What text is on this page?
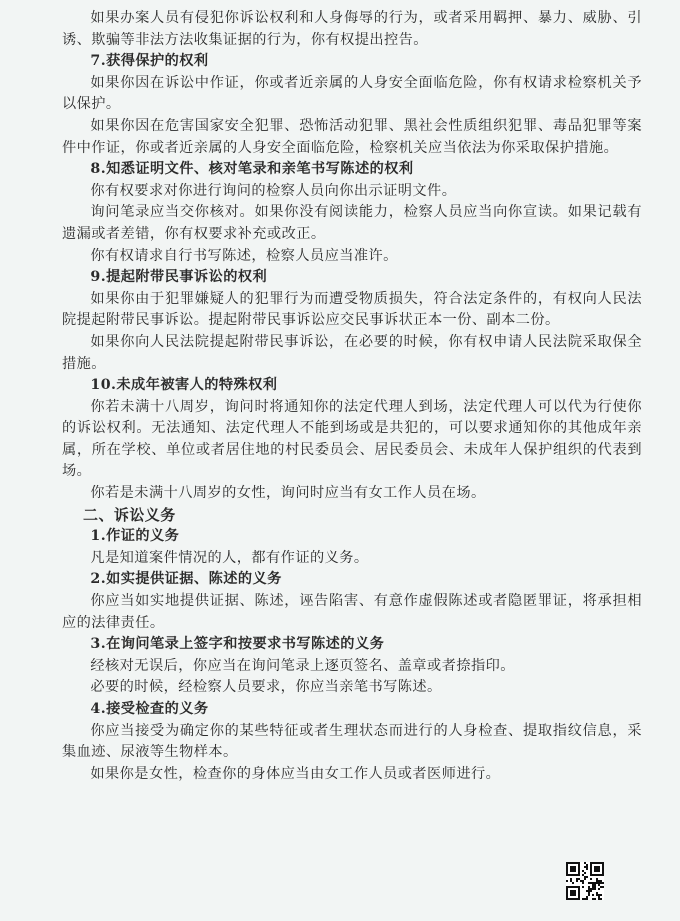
如果办案人员有侵犯你诉讼权利和人身侮辱的行为，或者采用羁押、暴力、威胁、引诱、欺骗等非法方法收集证据的行为，你有权提出控告。

7.获得保护的权利

如果你因在诉讼中作证，你或者近亲属的人身安全面临危险，你有权请求检察机关予以保护。

如果你因在危害国家安全犯罪、恐怖活动犯罪、黑社会性质组织犯罪、毒品犯罪等案件中作证，你或者近亲属的人身安全面临危险，检察机关应当依法为你采取保护措施。

8.知悉证明文件、核对笔录和亲笔书写陈述的权利

你有权要求对你进行询问的检察人员向你出示证明文件。

询问笔录应当交你核对。如果你没有阅读能力，检察人员应当向你宣读。如果记载有遗漏或者差错，你有权要求补充或改正。

你有权请求自行书写陈述，检察人员应当准许。

9.提起附带民事诉讼的权利

如果你由于犯罪嫌疑人的犯罪行为而遭受物质损失，符合法定条件的，有权向人民法院提起附带民事诉讼。提起附带民事诉讼应交民事诉状正本一份、副本二份。

如果你向人民法院提起附带民事诉讼，在必要的时候，你有权申请人民法院采取保全措施。

10.未成年被害人的特殊权利

你若未满十八周岁，询问时将通知你的法定代理人到场，法定代理人可以代为行使你的诉讼权利。无法通知、法定代理人不能到场或是共犯的，可以要求通知你的其他成年亲属，所在学校、单位或者居住地的村民委员会、居民委员会、未成年人保护组织的代表到场。

你若是未满十八周岁的女性，询问时应当有女工作人员在场。

二、诉讼义务

1.作证的义务

凡是知道案件情况的人，都有作证的义务。

2.如实提供证据、陈述的义务

你应当如实地提供证据、陈述，诬告陷害、有意作虚假陈述或者隐匿罪证，将承担相应的法律责任。

3.在询问笔录上签字和按要求书写陈述的义务

经核对无误后，你应当在询问笔录上逐页签名、盖章或者捺指印。

必要的时候，经检察人员要求，你应当亲笔书写陈述。

4.接受检查的义务

你应当接受为确定你的某些特征或者生理状态而进行的人身检查、提取指纹信息，采集血迹、尿液等生物样本。

如果你是女性，检查你的身体应当由女工作人员或者医师进行。
